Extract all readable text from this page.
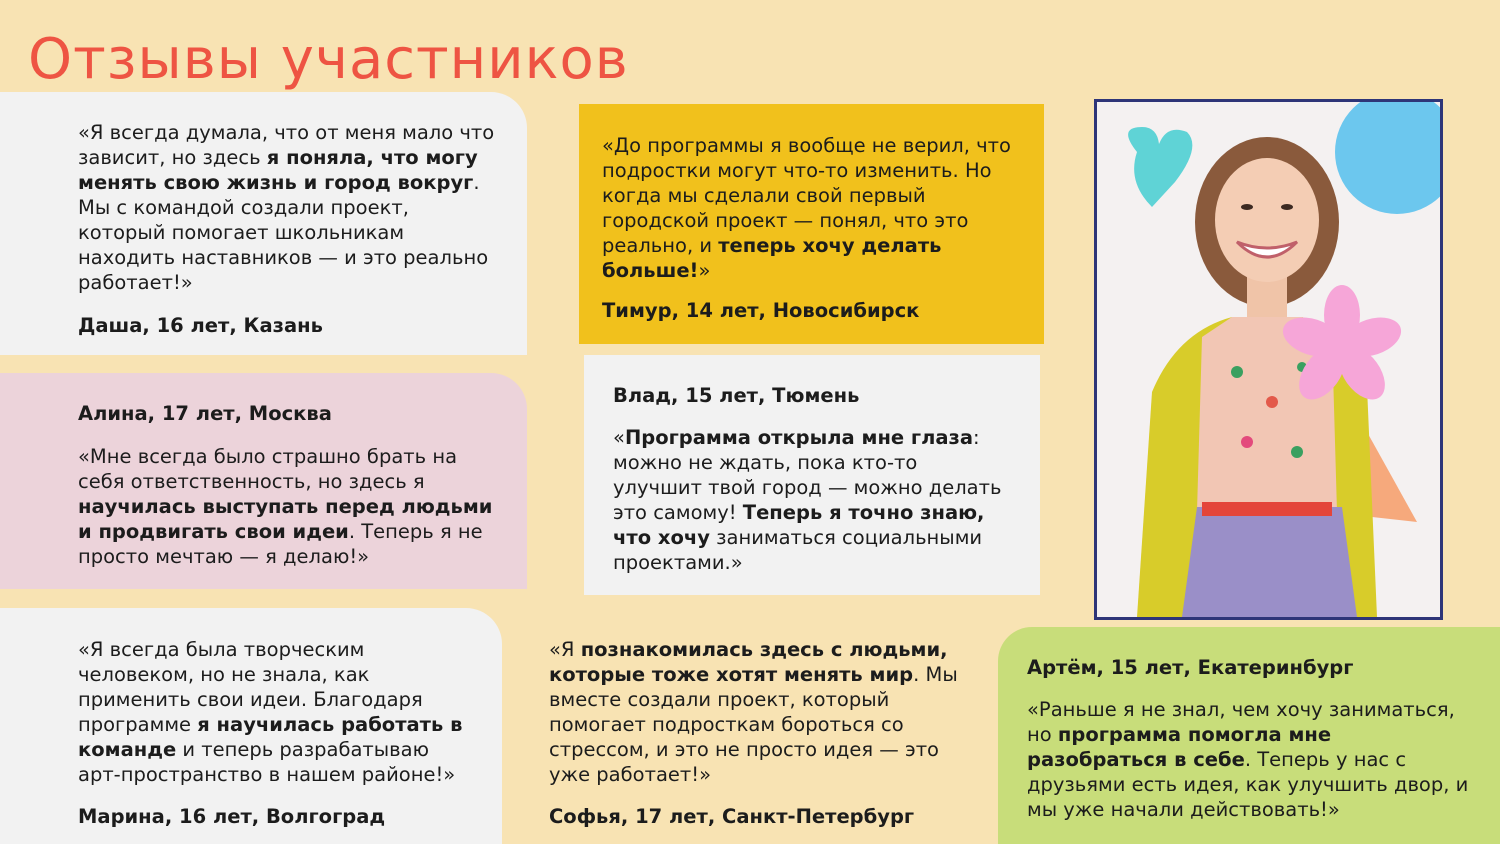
Отзывы участников

«Я всегда думала, что от меня мало что зависит, но здесь я поняла, что могу менять свою жизнь и город вокруг. Мы с командой создали проект, который помогает школьникам находить наставников — и это реально работает!»

Даша, 16 лет, Казань

«До программы я вообще не верил, что подростки могут что-то изменить. Но когда мы сделали свой первый городской проект — понял, что это реально, и теперь хочу делать больше!»

Тимур, 14 лет, Новосибирск

Алина, 17 лет, Москва

«Мне всегда было страшно брать на себя ответственность, но здесь я научилась выступать перед людьми и продвигать свои идеи. Теперь я не просто мечтаю — я делаю!»

Влад, 15 лет, Тюмень

«Программа открыла мне глаза: можно не ждать, пока кто-то улучшит твой город — можно делать это самому! Теперь я точно знаю, что хочу заниматься социальными проектами.»

«Я всегда была творческим человеком, но не знала, как применить свои идеи. Благодаря программе я научилась работать в команде и теперь разрабатываю арт-пространство в нашем районе!»

Марина, 16 лет, Волгоград

«Я познакомилась здесь с людьми, которые тоже хотят менять мир. Мы вместе создали проект, который помогает подросткам бороться со стрессом, и это не просто идея — это уже работает!»

Софья, 17 лет, Санкт-Петербург

Артём, 15 лет, Екатеринбург

«Раньше я не знал, чем хочу заниматься, но программа помогла мне разобраться в себе. Теперь у нас с друзьями есть идея, как улучшить двор, и мы уже начали действовать!»
